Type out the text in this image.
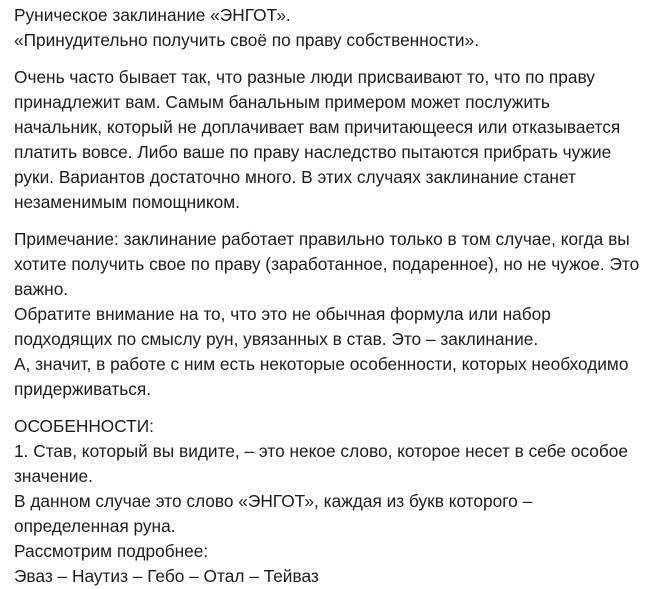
Руническое заклинание «ЭНГОТ».
«Принудительно получить своё по праву собственности».

Очень часто бывает так, что разные люди присваивают то, что по праву
принадлежит вам. Самым банальным примером может послужить
начальник, который не доплачивает вам причитающееся или отказывается
платить вовсе. Либо ваше по праву наследство пытаются прибрать чужие
руки. Вариантов достаточно много. В этих случаях заклинание станет
незаменимым помощником.

Примечание: заклинание работает правильно только в том случае, когда вы
хотите получить свое по праву (заработанное, подаренное), но не чужое. Это
важно.
Обратите внимание на то, что это не обычная формула или набор
подходящих по смыслу рун, увязанных в став. Это – заклинание.
А, значит, в работе с ним есть некоторые особенности, которых необходимо
придерживаться.

ОСОБЕННОСТИ:
1. Став, который вы видите, – это некое слово, которое несет в себе особое
значение.
В данном случае это слово «ЭНГОТ», каждая из букв которого –
определенная руна.
Рассмотрим подробнее:
Эваз – Наутиз – Гебо – Отал – Тейваз
